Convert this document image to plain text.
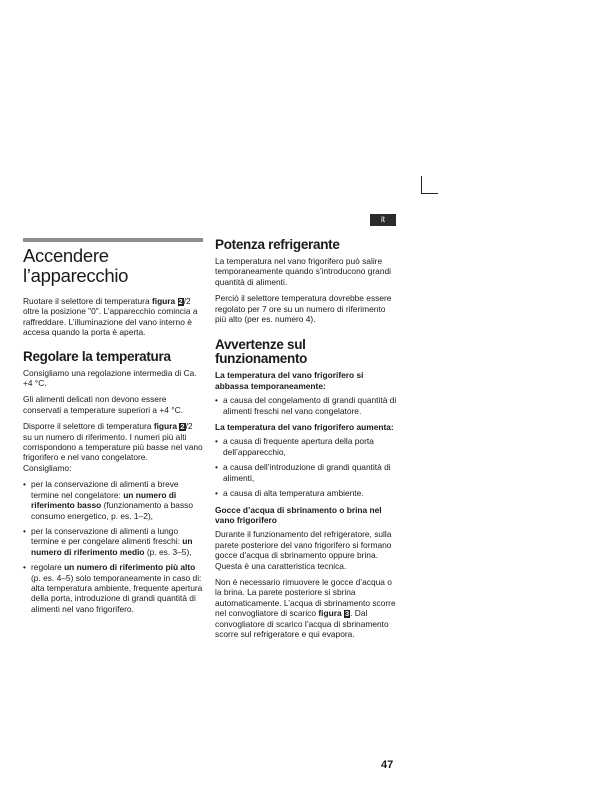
it
Accendere l’apparecchio

Ruotare il selettore di temperatura figura 2/2 oltre la posizione "0". L’apparecchio comincia a raffreddare. L’illuminazione del vano interno è accesa quando la porta è aperta.

Regolare la temperatura

Consigliamo una regolazione intermedia di Ca. +4 °C.

Gli alimenti delicati non devono essere conservati a temperature superiori a +4 °C.

Disporre il selettore di temperatura figura 2/2 su un numero di riferimento. I numeri più alti corrispondono a temperature più basse nel vano frigorifero e nel vano congelatore.
Consigliamo:

• per la conservazione di alimenti a breve termine nel congelatore: un numero di riferimento basso (funzionamento a basso consumo energetico, p. es. 1–2),
• per la conservazione di alimenti a lungo termine e per congelare alimenti freschi: un numero di riferimento medio (p. es. 3–5),
• regolare un numero di riferimento più alto (p. es. 4–5) solo temporaneamente in caso di: alta temperatura ambiente, frequente apertura della porta, introduzione di grandi quantità di alimenti nel vano frigorifero.
Potenza refrigerante

La temperatura nel vano frigorifero può salire temporaneamente quando s’introducono grandi quantità di alimenti.

Perciò il selettore temperatura dovrebbe essere regolato per 7 ore su un numero di riferimento più alto (per es. numero 4).

Avvertenze sul funzionamento

La temperatura del vano frigorifero si abbassa temporaneamente:

• a causa del congelamento di grandi quantità di alimenti freschi nel vano congelatore.

La temperatura del vano frigorifero aumenta:

• a causa di frequente apertura della porta dell’apparecchio,
• a causa dell’introduzione di grandi quantità di alimenti,
• a causa di alta temperatura ambiente.

Gocce d’acqua di sbrinamento o brina nel vano frigorifero

Durante il funzionamento del refrigeratore, sulla parete posteriore del vano frigorifero si formano gocce d’acqua di sbrinamento oppure brina. Questa è una caratteristica tecnica.

Non è necessario rimuovere le gocce d’acqua o la brina. La parete posteriore si sbrina automaticamente. L’acqua di sbrinamento scorre nel convogliatore di scarico figura 3. Dal convogliatore di scarico l’acqua di sbrinamento scorre sul refrigeratore e qui evapora.

47
